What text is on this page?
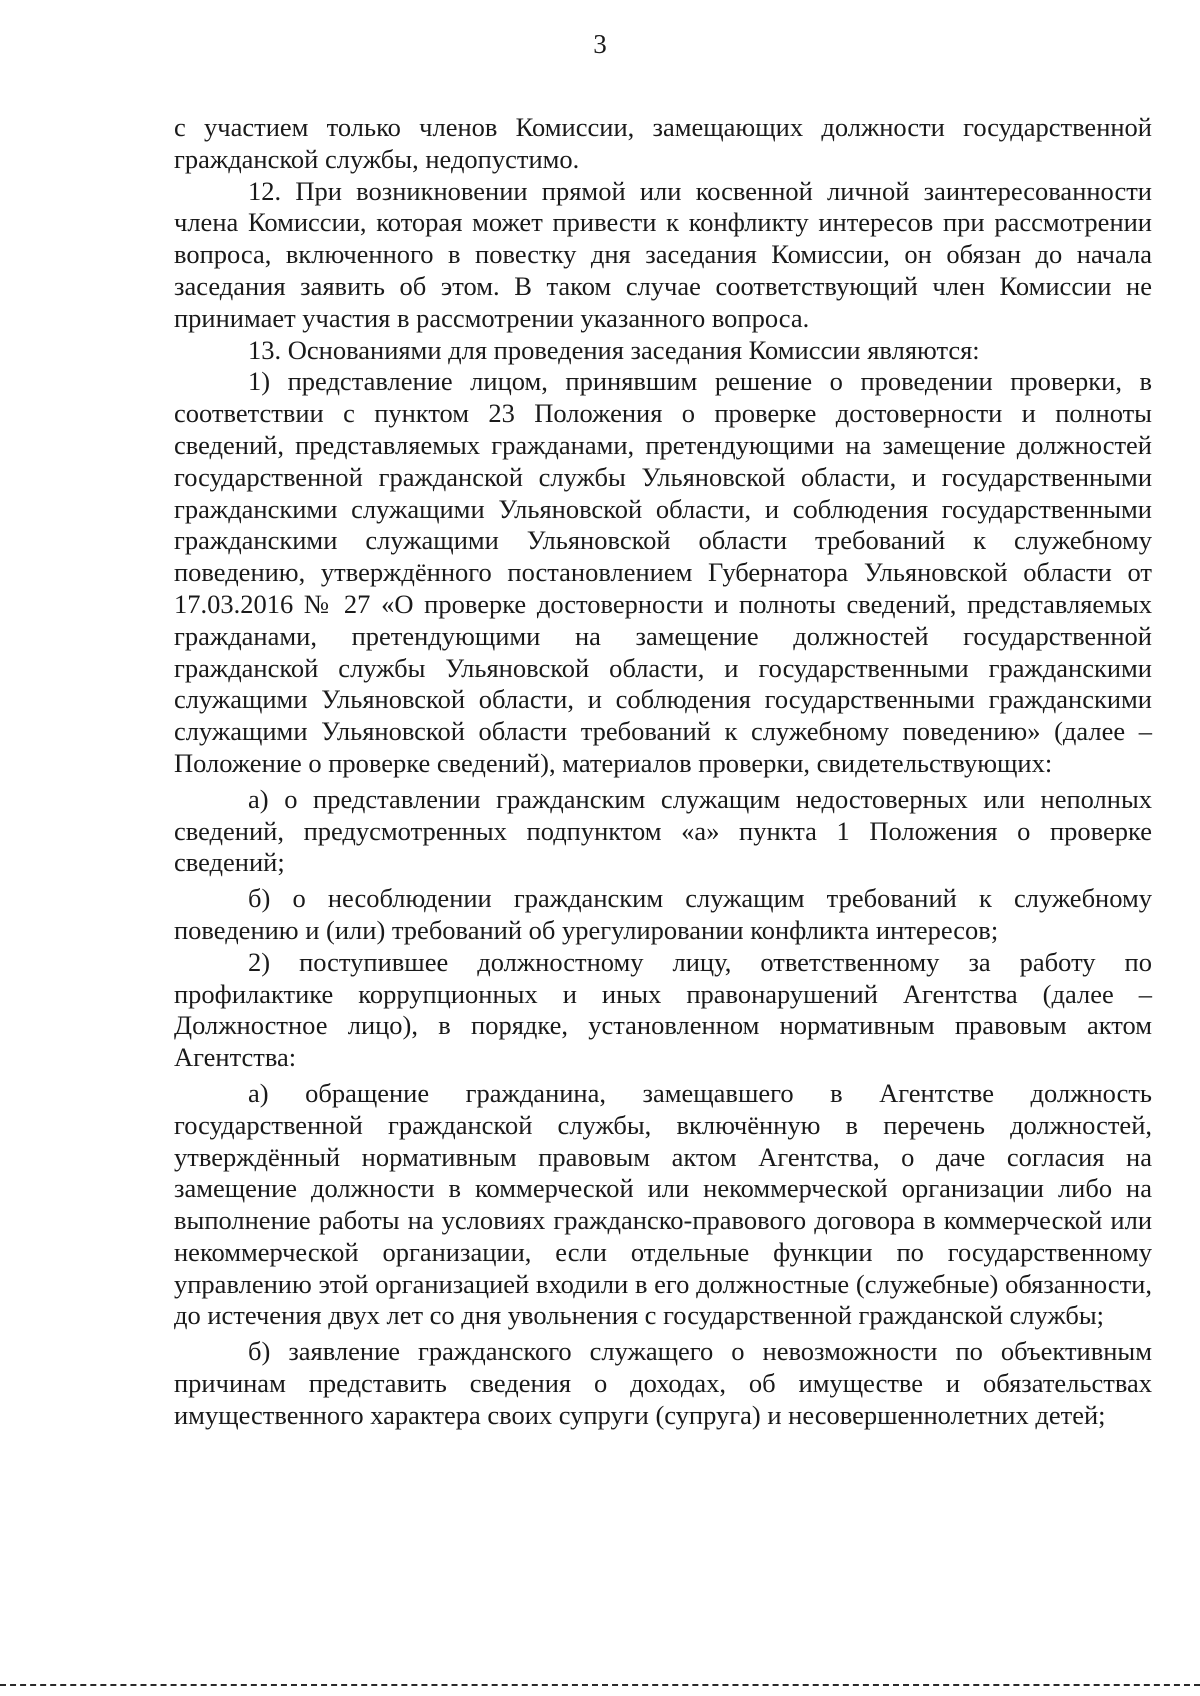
3

с участием только членов Комиссии, замещающих должности государственной гражданской службы, недопустимо.

12. При возникновении прямой или косвенной личной заинтересованности члена Комиссии, которая может привести к конфликту интересов при рассмотрении вопроса, включенного в повестку дня заседания Комиссии, он обязан до начала заседания заявить об этом. В таком случае соответствующий член Комиссии не принимает участия в рассмотрении указанного вопроса.

13. Основаниями для проведения заседания Комиссии являются:

1) представление лицом, принявшим решение о проведении проверки, в соответствии с пунктом 23 Положения о проверке достоверности и полноты сведений, представляемых гражданами, претендующими на замещение должностей государственной гражданской службы Ульяновской области, и государственными гражданскими служащими Ульяновской области, и соблюдения государственными гражданскими служащими Ульяновской области требований к служебному поведению, утверждённого постановлением Губернатора Ульяновской области от 17.03.2016 № 27 «О проверке достоверности и полноты сведений, представляемых гражданами, претендующими на замещение должностей государственной гражданской службы Ульяновской области, и государственными гражданскими служащими Ульяновской области, и соблюдения государственными гражданскими служащими Ульяновской области требований к служебному поведению» (далее – Положение о проверке сведений), материалов проверки, свидетельствующих:

а) о представлении гражданским служащим недостоверных или неполных сведений, предусмотренных подпунктом «а» пункта 1 Положения о проверке сведений;

б) о несоблюдении гражданским служащим требований к служебному поведению и (или) требований об урегулировании конфликта интересов;

2) поступившее должностному лицу, ответственному за работу по профилактике коррупционных и иных правонарушений Агентства (далее – Должностное лицо), в порядке, установленном нормативным правовым актом Агентства:

а) обращение гражданина, замещавшего в Агентстве должность государственной гражданской службы, включённую в перечень должностей, утверждённый нормативным правовым актом Агентства, о даче согласия на замещение должности в коммерческой или некоммерческой организации либо на выполнение работы на условиях гражданско-правового договора в коммерческой или некоммерческой организации, если отдельные функции по государственному управлению этой организацией входили в его должностные (служебные) обязанности, до истечения двух лет со дня увольнения с государственной гражданской службы;

б) заявление гражданского служащего о невозможности по объективным причинам представить сведения о доходах, об имуществе и обязательствах имущественного характера своих супруги (супруга) и несовершеннолетних детей;
